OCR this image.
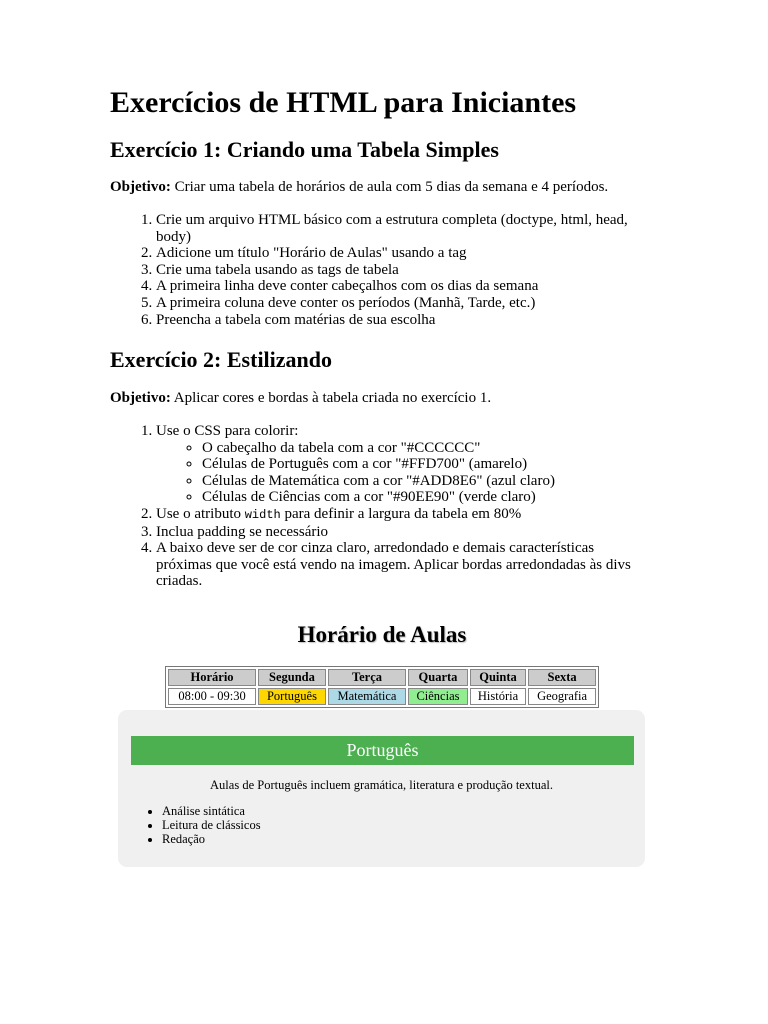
Exercícios de HTML para Iniciantes
Exercício 1: Criando uma Tabela Simples

Objetivo: Criar uma tabela de horários de aula com 5 dias da semana e 4 períodos.

1. Crie um arquivo HTML básico com a estrutura completa (doctype, html, head, body)
2. Adicione um título "Horário de Aulas" usando a tag
3. Crie uma tabela usando as tags de tabela
4. A primeira linha deve conter cabeçalhos com os dias da semana
5. A primeira coluna deve conter os períodos (Manhã, Tarde, etc.)
6. Preencha a tabela com matérias de sua escolha
Exercício 2: Estilizando

Objetivo: Aplicar cores e bordas à tabela criada no exercício 1.

1. Use o CSS para colorir:
◦ O cabeçalho da tabela com a cor "#CCCCCC"
◦ Células de Português com a cor "#FFD700" (amarelo)
◦ Células de Matemática com a cor "#ADD8E6" (azul claro)
◦ Células de Ciências com a cor "#90EE90" (verde claro)
2. Use o atributo width para definir a largura da tabela em 80%
3. Inclua padding se necessário
4. A baixo deve ser de cor cinza claro, arredondado e demais características próximas que você está vendo na imagem. Aplicar bordas arredondadas às divs criadas.
Horário de Aulas
Horário	Segunda	Terça	Quarta	Quinta	Sexta
08:00 - 09:30	Português	Matemática	Ciências	História	Geografia
Português

Aulas de Português incluem gramática, literatura e produção textual.

• Análise sintática
• Leitura de clássicos
• Redação
